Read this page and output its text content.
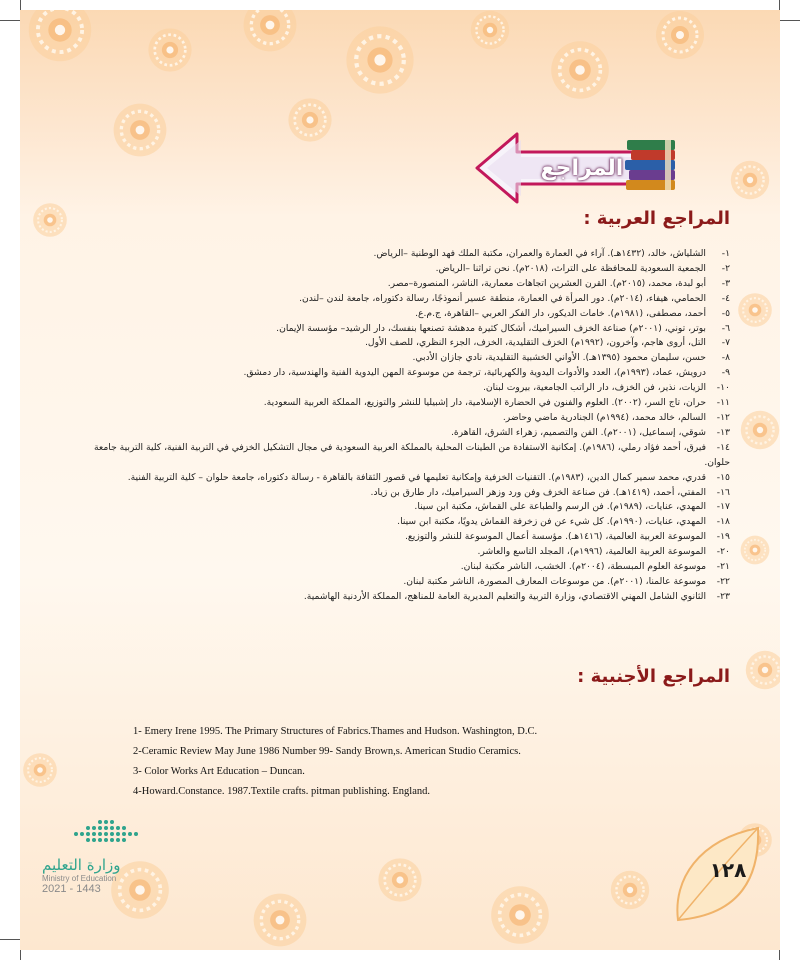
المراجع
المراجع العربية :
١-الشلياش، خالد، (١٤٣٢هـ). آراء في العمارة والعمران، مكتبة الملك فهد الوطنية –الرياض.
٢-الجمعية السعودية للمحافظة على التراث، (٢٠١٨م). نحن تراثنا –الرياض.
٣-أبو لبدة، محمد، (٢٠١٥م). القرن العشرين اتجاهات معمارية، الناشر، المنصورة–مصر.
٤-الحمامي، هيفاء، (٢٠١٤م). دور المرأة في العمارة، منطقة عسير أنموذجًا، رسالة دكتوراه، جامعة لندن –لندن.
٥-أحمد، مصطفى، (١٩٨١م). خامات الديكور، دار الفكر العربي –القاهرة، ج.م.ع.
٦-بوتر، توني، (٢٠٠١م) صناعة الخزف السيراميك، أشكال كثيرة مدهشة تصنعها بنفسك، دار الرشيد– مؤسسة الإيمان.
٧-التل، أروى هاجم، وآخرون، (١٩٩٢م) الخزف التقليدية، الخزف، الجزء النظري، للصف الأول.
٨-حسن، سليمان محمود (١٣٩٥هـ). الأواني الخشبية التقليدية، نادي جازان الأدبي.
٩-درويش، عماد، (١٩٩٣م)، العدد والأدوات اليدوية والكهربائية، ترجمة من موسوعة المهن اليدوية الفنية والهندسية، دار دمشق.
١٠-الزيات، نذير، فن الخزف، دار الراتب الجامعية، بيروت لبنان.
١١-حران، تاج السر، (٢٠٠٢). العلوم والفنون في الحضارة الإسلامية، دار إشبيليا للنشر والتوزيع، المملكة العربية السعودية.
١٢-السالم، خالد محمد، (١٩٩٤م) الجنادرية ماضي وحاضر.
١٣-شوقي، إسماعيل، (٢٠٠١م). الفن والتصميم، زهراء الشرق، القاهرة.
١٤-فيرق، أحمد فؤاد رملي، (١٩٨٦م). إمكانية الاستفادة من الطينات المحلية بالمملكة العربية السعودية في مجال التشكيل الخزفي في التربية الفنية، كلية التربية جامعة حلوان.
١٥-قدري، محمد سمير كمال الدين، (١٩٨٣م). التقنيات الخزفية وإمكانية تعليمها في قصور الثقافة بالقاهرة - رسالة دكتوراه، جامعة حلوان – كلية التربية الفنية.
١٦-المفتي، أحمد، (١٤١٩هـ). فن صناعة الخزف وفن ورد وزهر السيراميك، دار طارق بن زياد.
١٧-المهدي، عنايات، (١٩٨٩م). فن الرسم والطباعة على القماش، مكتبة ابن سينا.
١٨-المهدي، عنايات، (١٩٩٠م). كل شيء عن فن زخرفة القماش يدويًا، مكتبة ابن سينا.
١٩-الموسوعة العربية العالمية، (١٤١٦هـ). مؤسسة أعمال الموسوعة للنشر والتوزيع.
٢٠-الموسوعة العربية العالمية، (١٩٩٦م)، المجلد التاسع والعاشر.
٢١-موسوعة العلوم المبسطة، (٢٠٠٤م). الخشب، الناشر مكتبة لبنان.
٢٢-موسوعة عالمنا، (٢٠٠١م). من موسوعات المعارف المصورة، الناشر مكتبة لبنان.
٢٣-الثانوي الشامل المهني الاقتصادي، وزارة التربية والتعليم المديرية العامة للمناهج، المملكة الأردنية الهاشمية.
المراجع الأجنبية :
1- Emery Irene 1995. The Primary Structures of Fabrics.Thames and Hudson. Washington, D.C.
2-Ceramic Review May June 1986 Number 99- Sandy Brown,s. American Studio Ceramics.
3- Color Works Art Education – Duncan.
4-Howard.Constance. 1987.Textile crafts. pitman publishing. England.
وزارة التعليم
Ministry of Education
2021 - 1443
١٢٨
